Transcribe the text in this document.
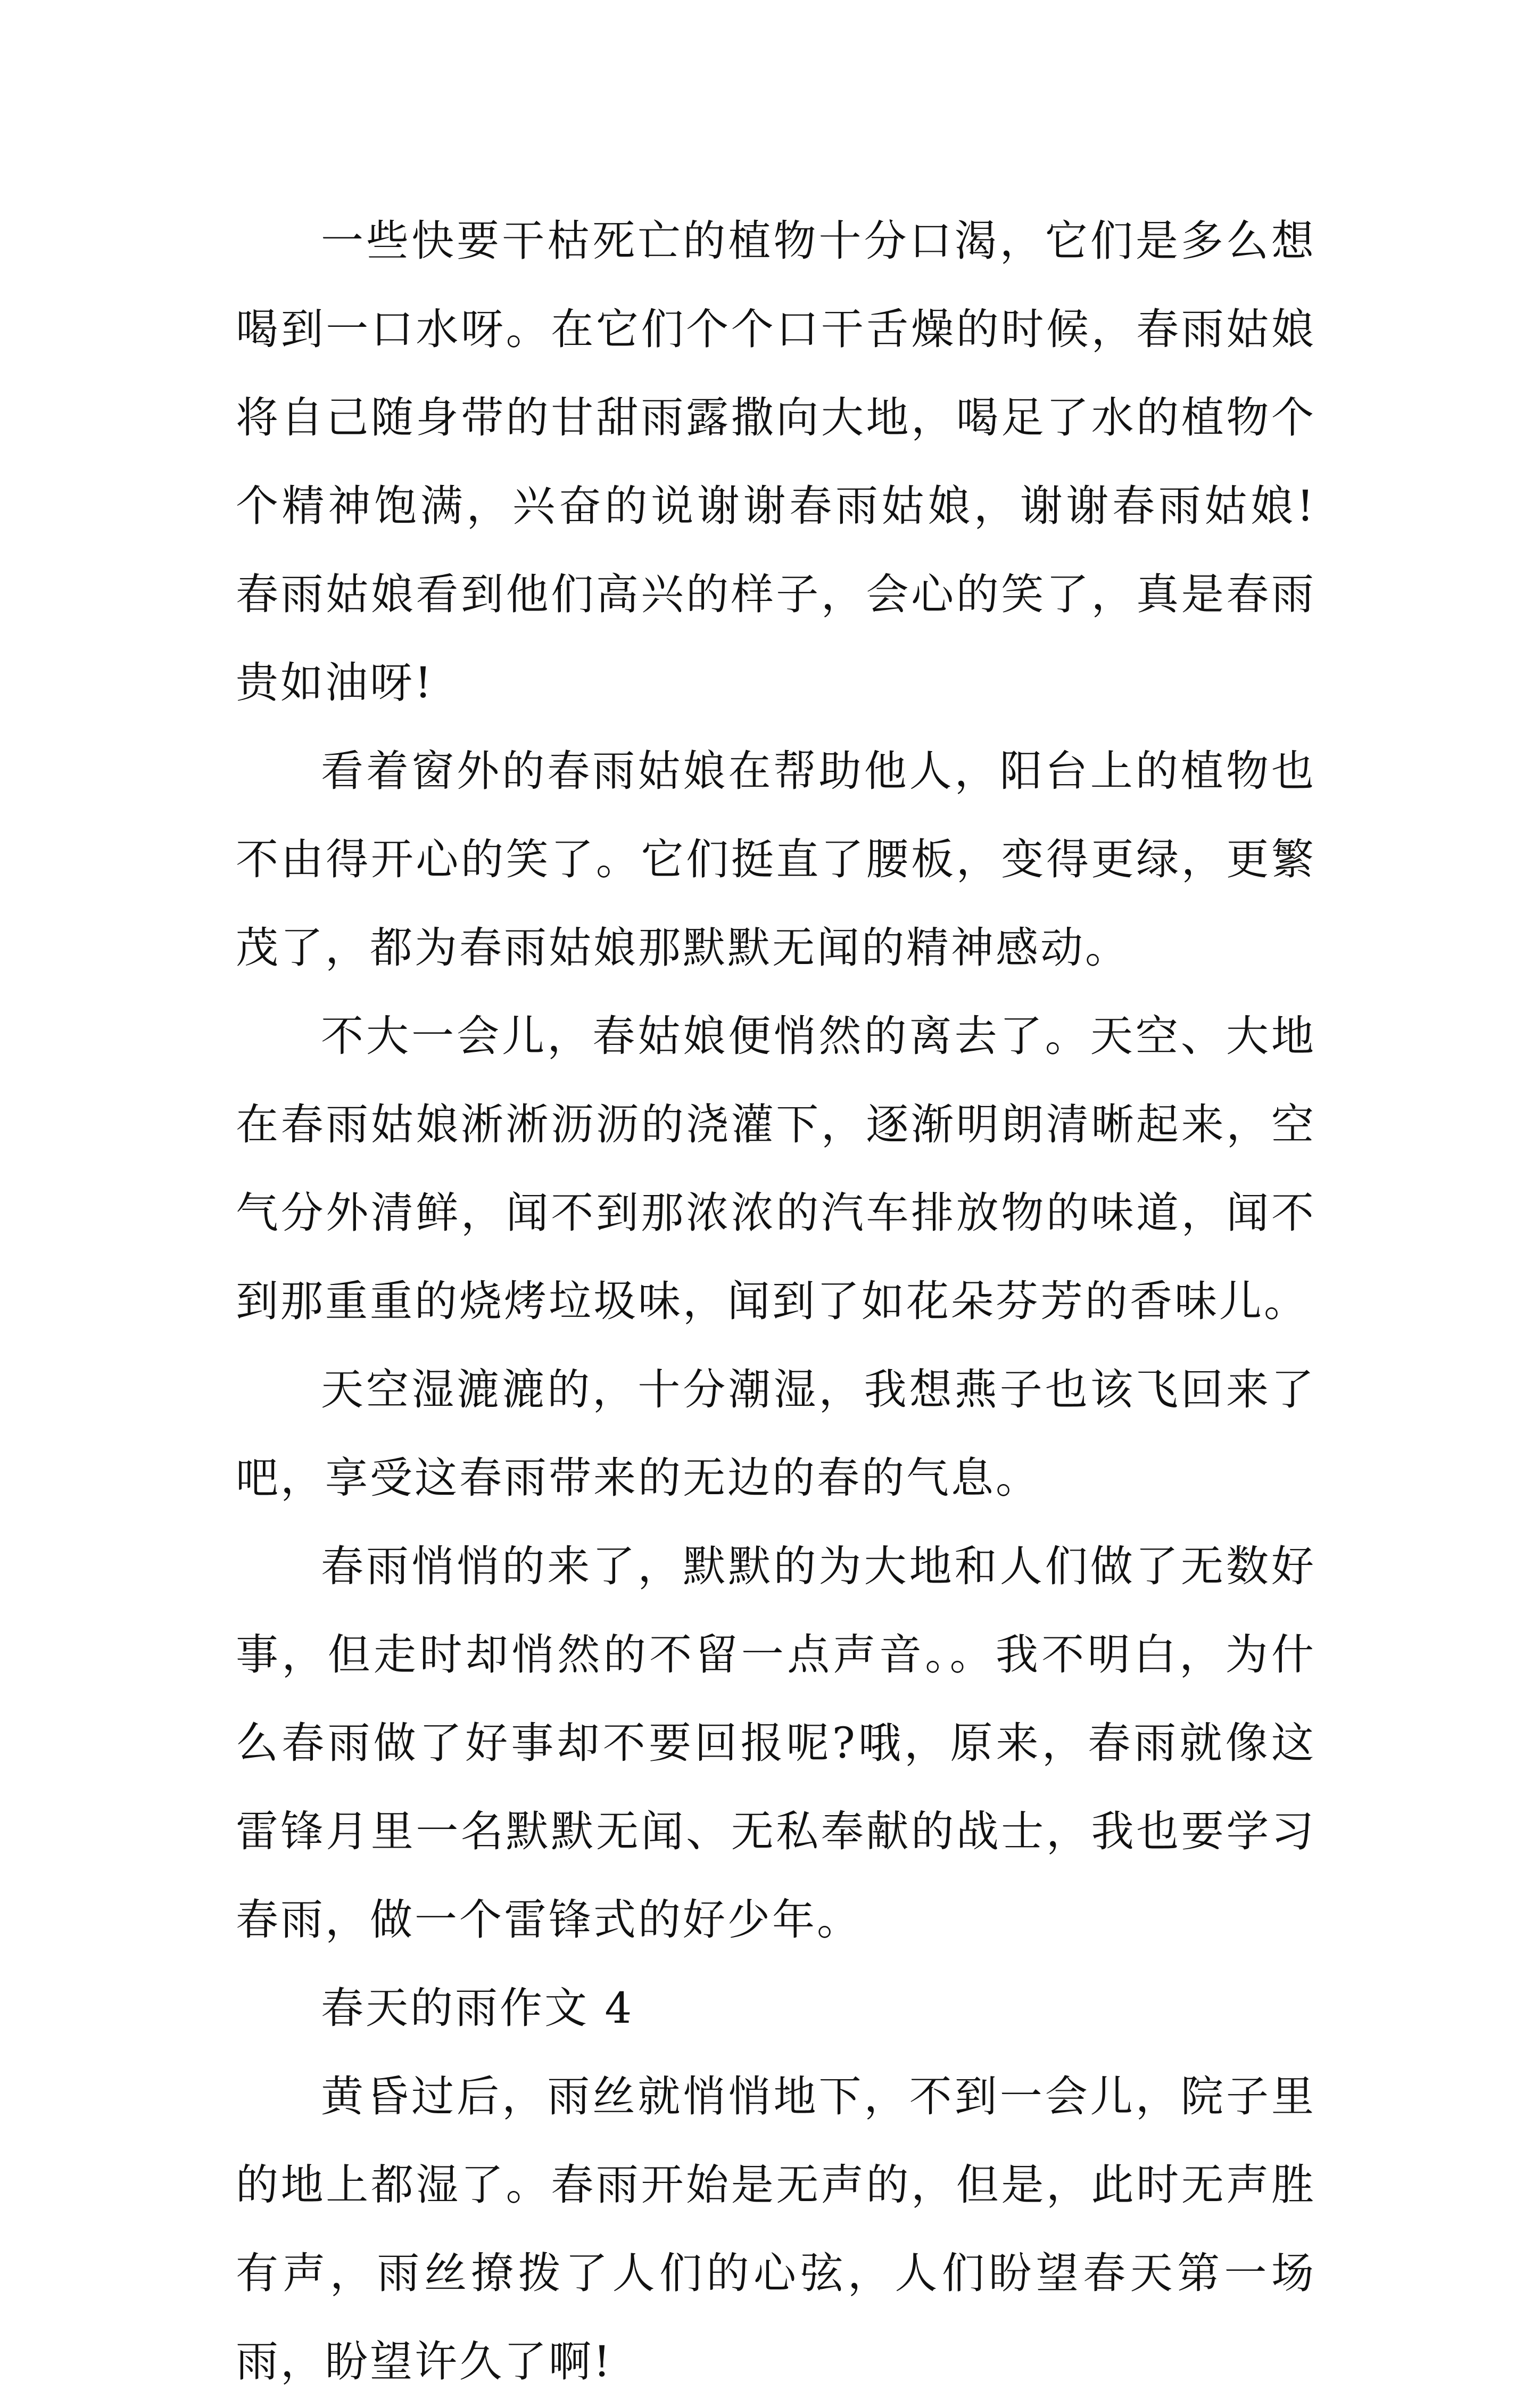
一些快要干枯死亡的植物十分口渴，它们是多么想喝到一口水呀。在它们个个口干舌燥的时候，春雨姑娘将自己随身带的甘甜雨露撒向大地，喝足了水的植物个个精神饱满，兴奋的说谢谢春雨姑娘，谢谢春雨姑娘!春雨姑娘看到他们高兴的样子，会心的笑了，真是春雨贵如油呀!

看着窗外的春雨姑娘在帮助他人，阳台上的植物也不由得开心的笑了。它们挺直了腰板，变得更绿，更繁茂了，都为春雨姑娘那默默无闻的精神感动。

不大一会儿，春姑娘便悄然的离去了。天空、大地在春雨姑娘淅淅沥沥的浇灌下，逐渐明朗清晰起来，空气分外清鲜，闻不到那浓浓的汽车排放物的味道，闻不到那重重的烧烤垃圾味，闻到了如花朵芬芳的香味儿。

天空湿漉漉的，十分潮湿，我想燕子也该飞回来了吧，享受这春雨带来的无边的春的气息。

春雨悄悄的来了，默默的为大地和人们做了无数好事，但走时却悄然的不留一点声音。。我不明白，为什么春雨做了好事却不要回报呢?哦，原来，春雨就像这雷锋月里一名默默无闻、无私奉献的战士，我也要学习春雨，做一个雷锋式的好少年。

春天的雨作文 4

黄昏过后，雨丝就悄悄地下，不到一会儿，院子里的地上都湿了。春雨开始是无声的，但是，此时无声胜有声，雨丝撩拨了人们的心弦，人们盼望春天第一场雨，盼望许久了啊!
